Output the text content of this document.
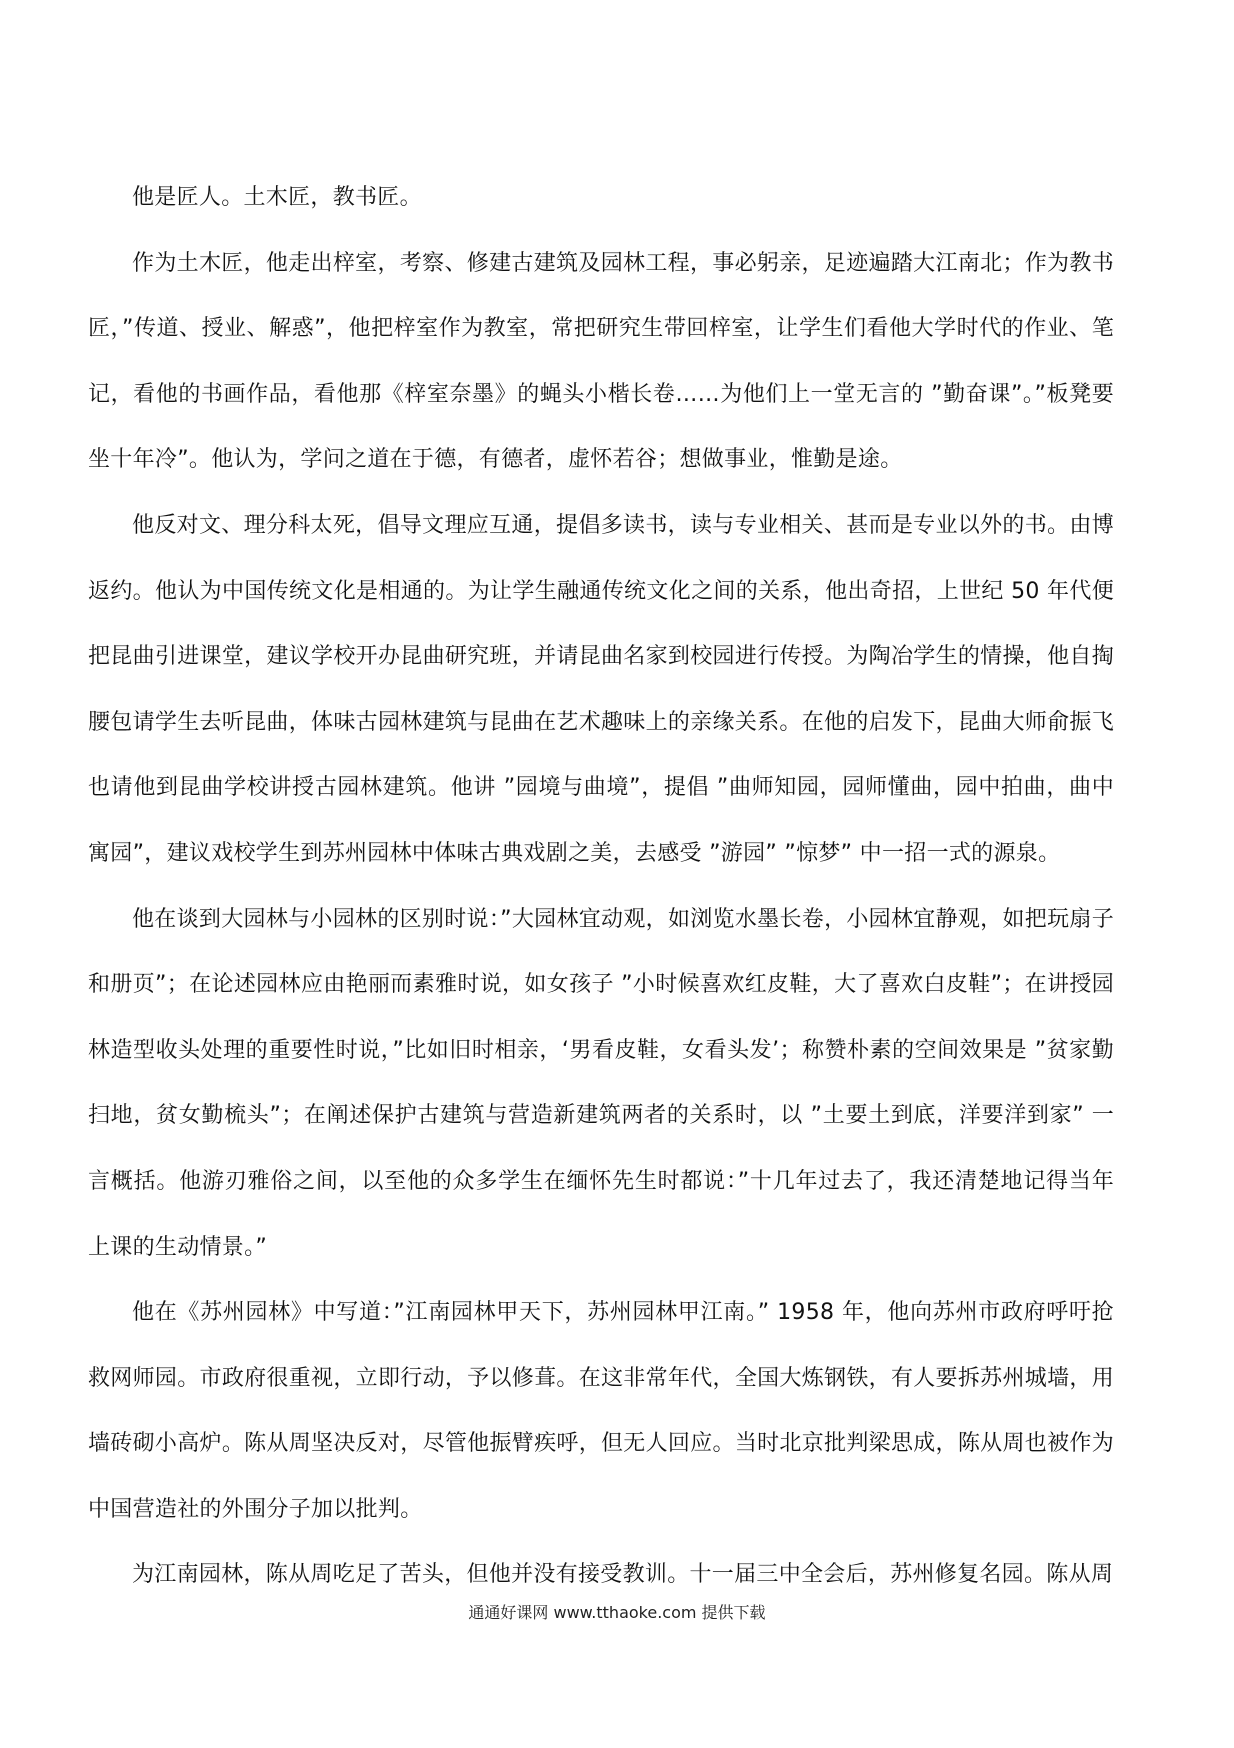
他是匠人。土木匠，教书匠。

作为土木匠，他走出梓室，考察、修建古建筑及园林工程，事必躬亲，足迹遍踏大江南北；作为教书匠，”传道、授业、解惑”，他把梓室作为教室，常把研究生带回梓室，让学生们看他大学时代的作业、笔记，看他的书画作品，看他那《梓室奈墨》的蝇头小楷长卷……为他们上一堂无言的 ”勤奋课”。”板凳要坐十年冷”。他认为，学问之道在于德，有德者，虚怀若谷；想做事业，惟勤是途。

他反对文、理分科太死，倡导文理应互通，提倡多读书，读与专业相关、甚而是专业以外的书。由博返约。他认为中国传统文化是相通的。为让学生融通传统文化之间的关系，他出奇招，上世纪 50 年代便把昆曲引进课堂，建议学校开办昆曲研究班，并请昆曲名家到校园进行传授。为陶冶学生的情操，他自掏腰包请学生去听昆曲，体味古园林建筑与昆曲在艺术趣味上的亲缘关系。在他的启发下，昆曲大师俞振飞也请他到昆曲学校讲授古园林建筑。他讲 ”园境与曲境”，提倡 ”曲师知园，园师懂曲，园中拍曲，曲中寓园”，建议戏校学生到苏州园林中体味古典戏剧之美，去感受 ”游园” ”惊梦” 中一招一式的源泉。

他在谈到大园林与小园林的区别时说：”大园林宜动观，如浏览水墨长卷，小园林宜静观，如把玩扇子和册页”；在论述园林应由艳丽而素雅时说，如女孩子 ”小时候喜欢红皮鞋，大了喜欢白皮鞋”；在讲授园林造型收头处理的重要性时说，”比如旧时相亲，‘男看皮鞋，女看头发’；称赞朴素的空间效果是 ”贫家勤扫地，贫女勤梳头”；在阐述保护古建筑与营造新建筑两者的关系时，以 ”土要土到底，洋要洋到家” 一言概括。他游刃雅俗之间，以至他的众多学生在缅怀先生时都说：”十几年过去了，我还清楚地记得当年上课的生动情景。”

他在《苏州园林》中写道：”江南园林甲天下，苏州园林甲江南。” 1958 年，他向苏州市政府呼吁抢救网师园。市政府很重视，立即行动，予以修葺。在这非常年代，全国大炼钢铁，有人要拆苏州城墙，用墙砖砌小高炉。陈从周坚决反对，尽管他振臂疾呼，但无人回应。当时北京批判梁思成，陈从周也被作为中国营造社的外围分子加以批判。

为江南园林，陈从周吃足了苦头，但他并没有接受教训。十一届三中全会后，苏州修复名园。陈从周

通通好课网 www.tthaoke.com 提供下载
